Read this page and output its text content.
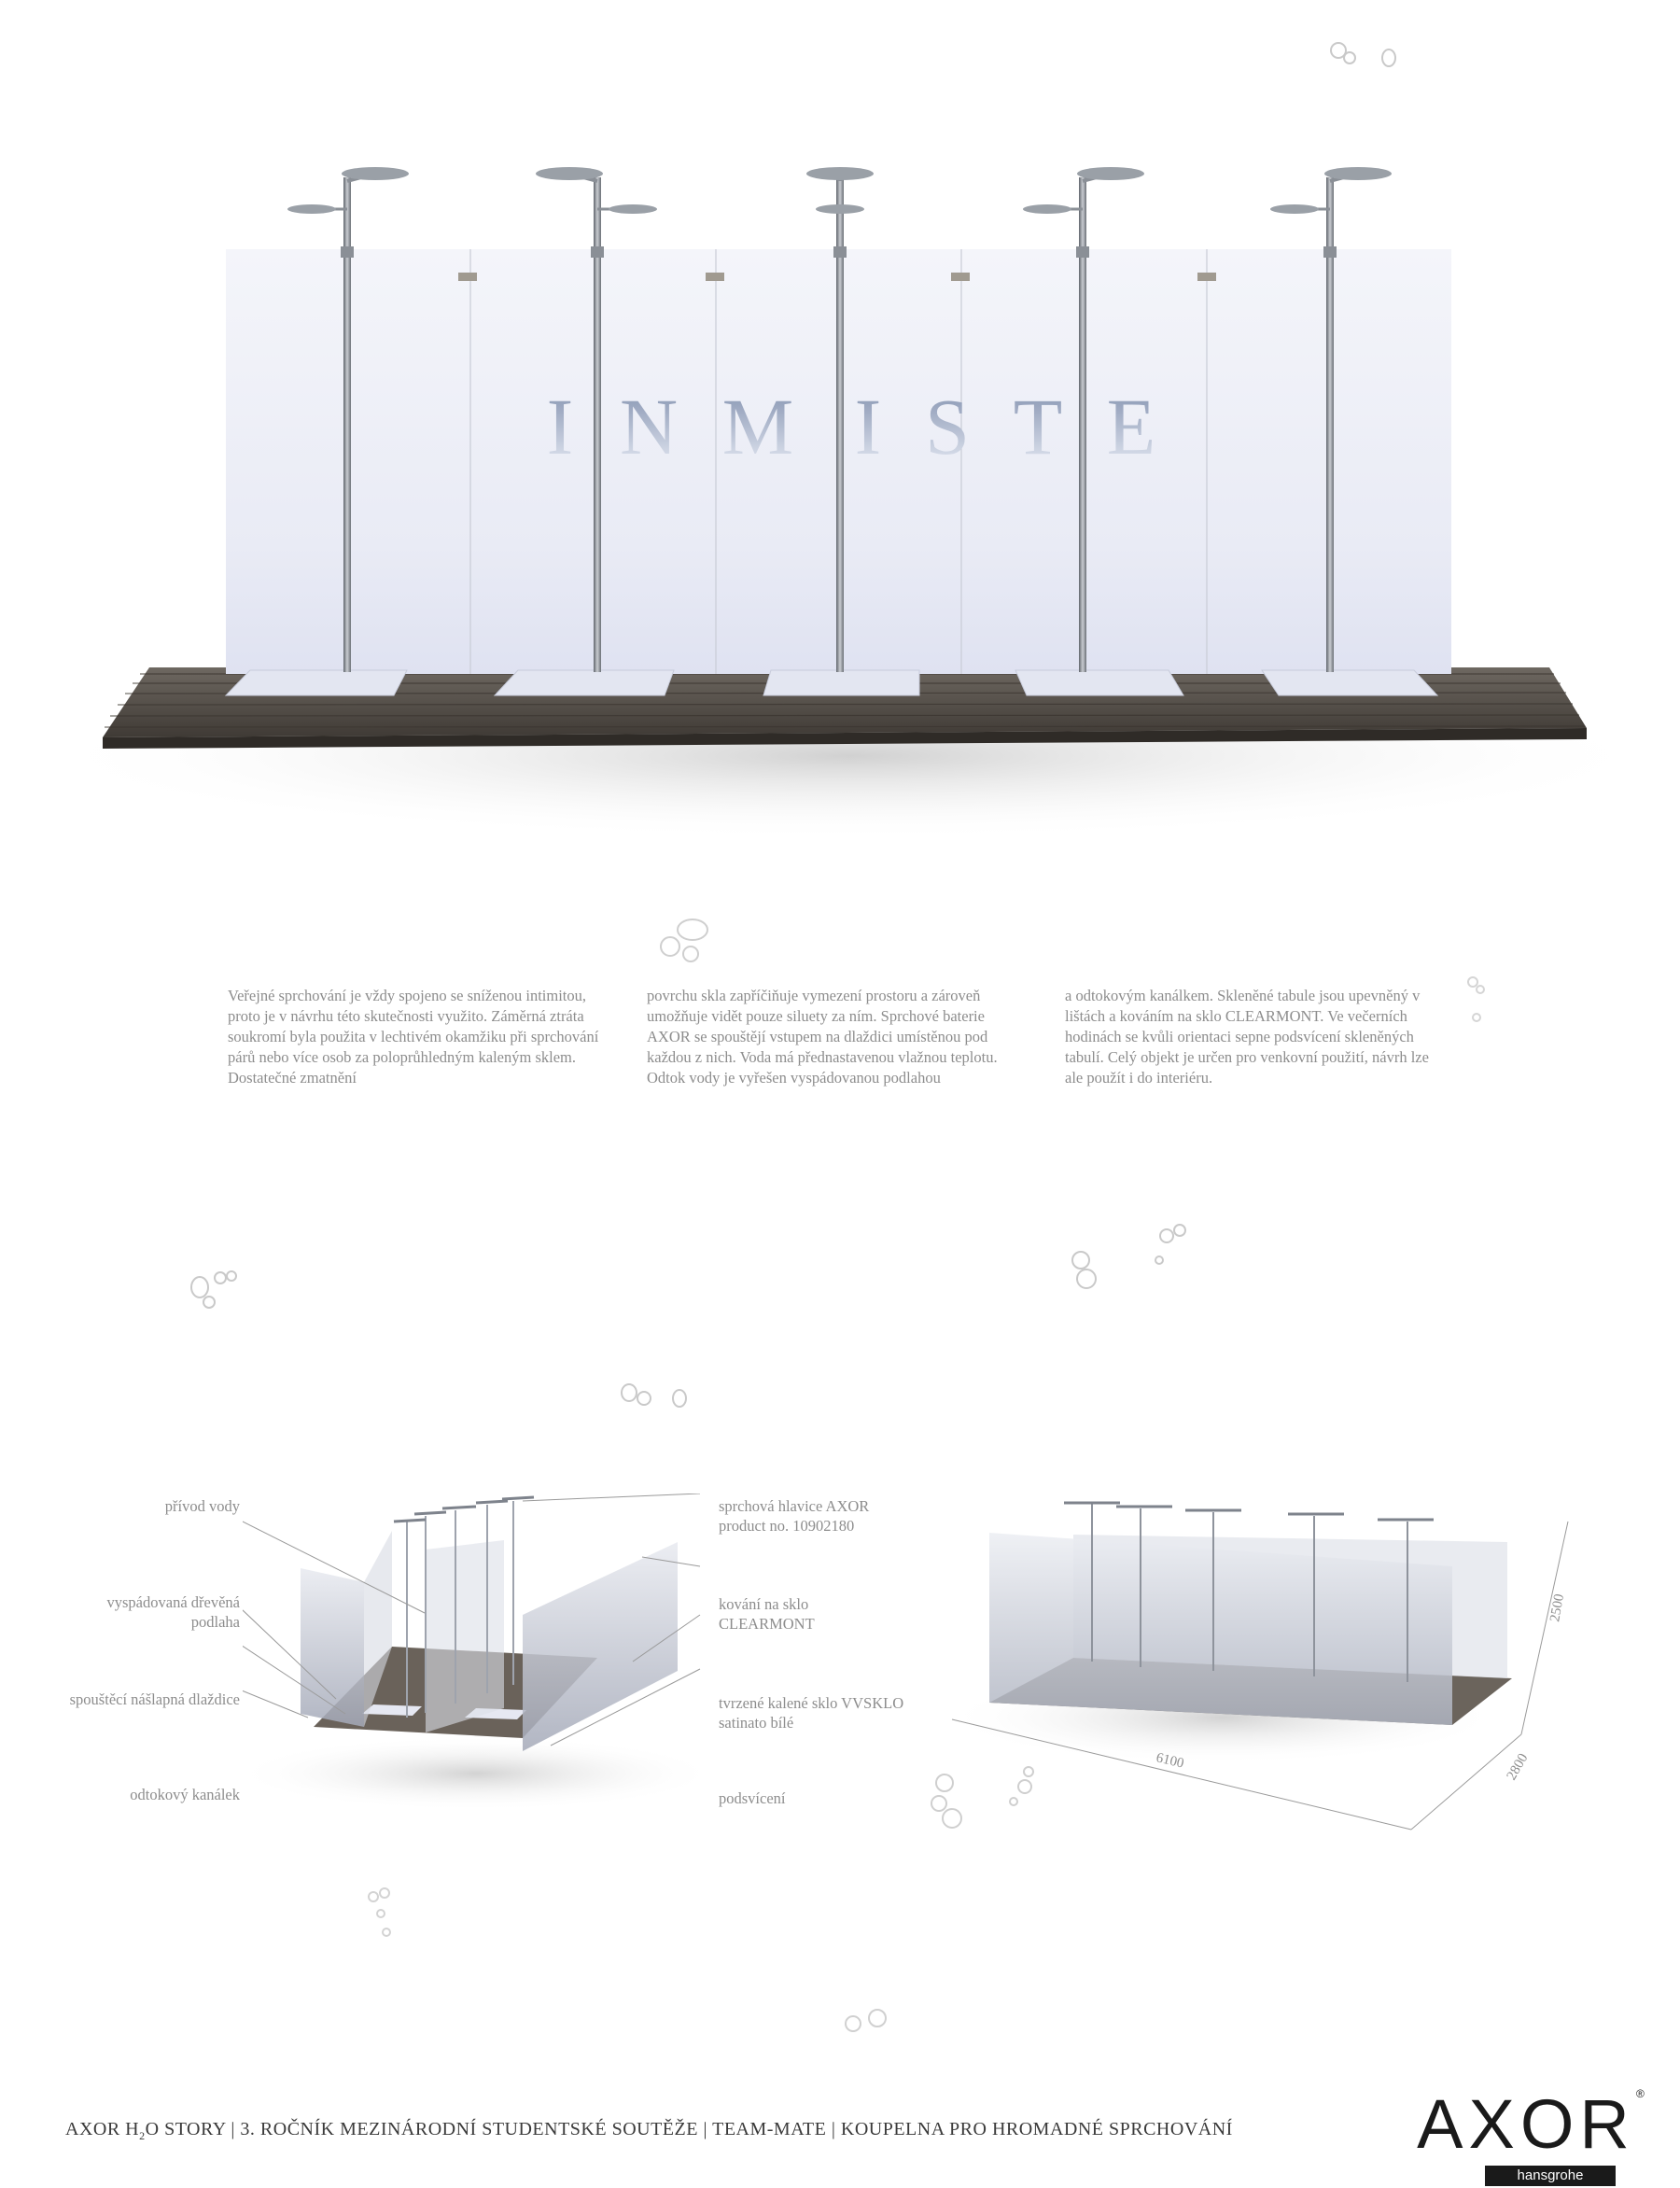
I N M I S T E
Veřejné sprchování je vždy spojeno se sníženou intimitou, proto je v návrhu této skutečnosti využito. Záměrná ztráta soukromí byla použita v lechtivém okamžiku při sprchování párů nebo více osob za poloprůhledným kaleným sklem. Dostatečné zmatnění
povrchu skla zapříčiňuje vymezení prostoru a zároveň umožňuje vidět pouze siluety za ním. Sprchové baterie AXOR se spouštějí vstupem na dlaždici umístěnou pod každou z nich. Voda má přednastavenou vlažnou teplotu. Odtok vody je vyřešen vyspádovanou podlahou
a odtokovým kanálkem. Skleněné tabule jsou upevněný v lištách a kováním na sklo CLEARMONT. Ve večerních hodinách se kvůli orientaci sepne podsvícení skleněných tabulí. Celý objekt je určen pro venkovní použití, návrh lze ale použít i do interiéru.
přívod vody
vyspádovaná dřevěná podlaha
spouštěcí nášlapná dlaždice
odtokový kanálek
sprchová hlavice AXOR product no. 10902180
kování na sklo CLEARMONT
tvrzené kalené sklo VVSKLO satinato bílé
podsvícení
6100	2800
2500
AXOR $H_2O$ STORY | 3. ROČNÍK MEZINÁRODNÍ STUDENTSKÉ SOUTĚŽE | TEAM-MATE | KOUPELNA PRO HROMADNÉ SPRCHOVÁNÍ	AXOR ®
hansgrohe
